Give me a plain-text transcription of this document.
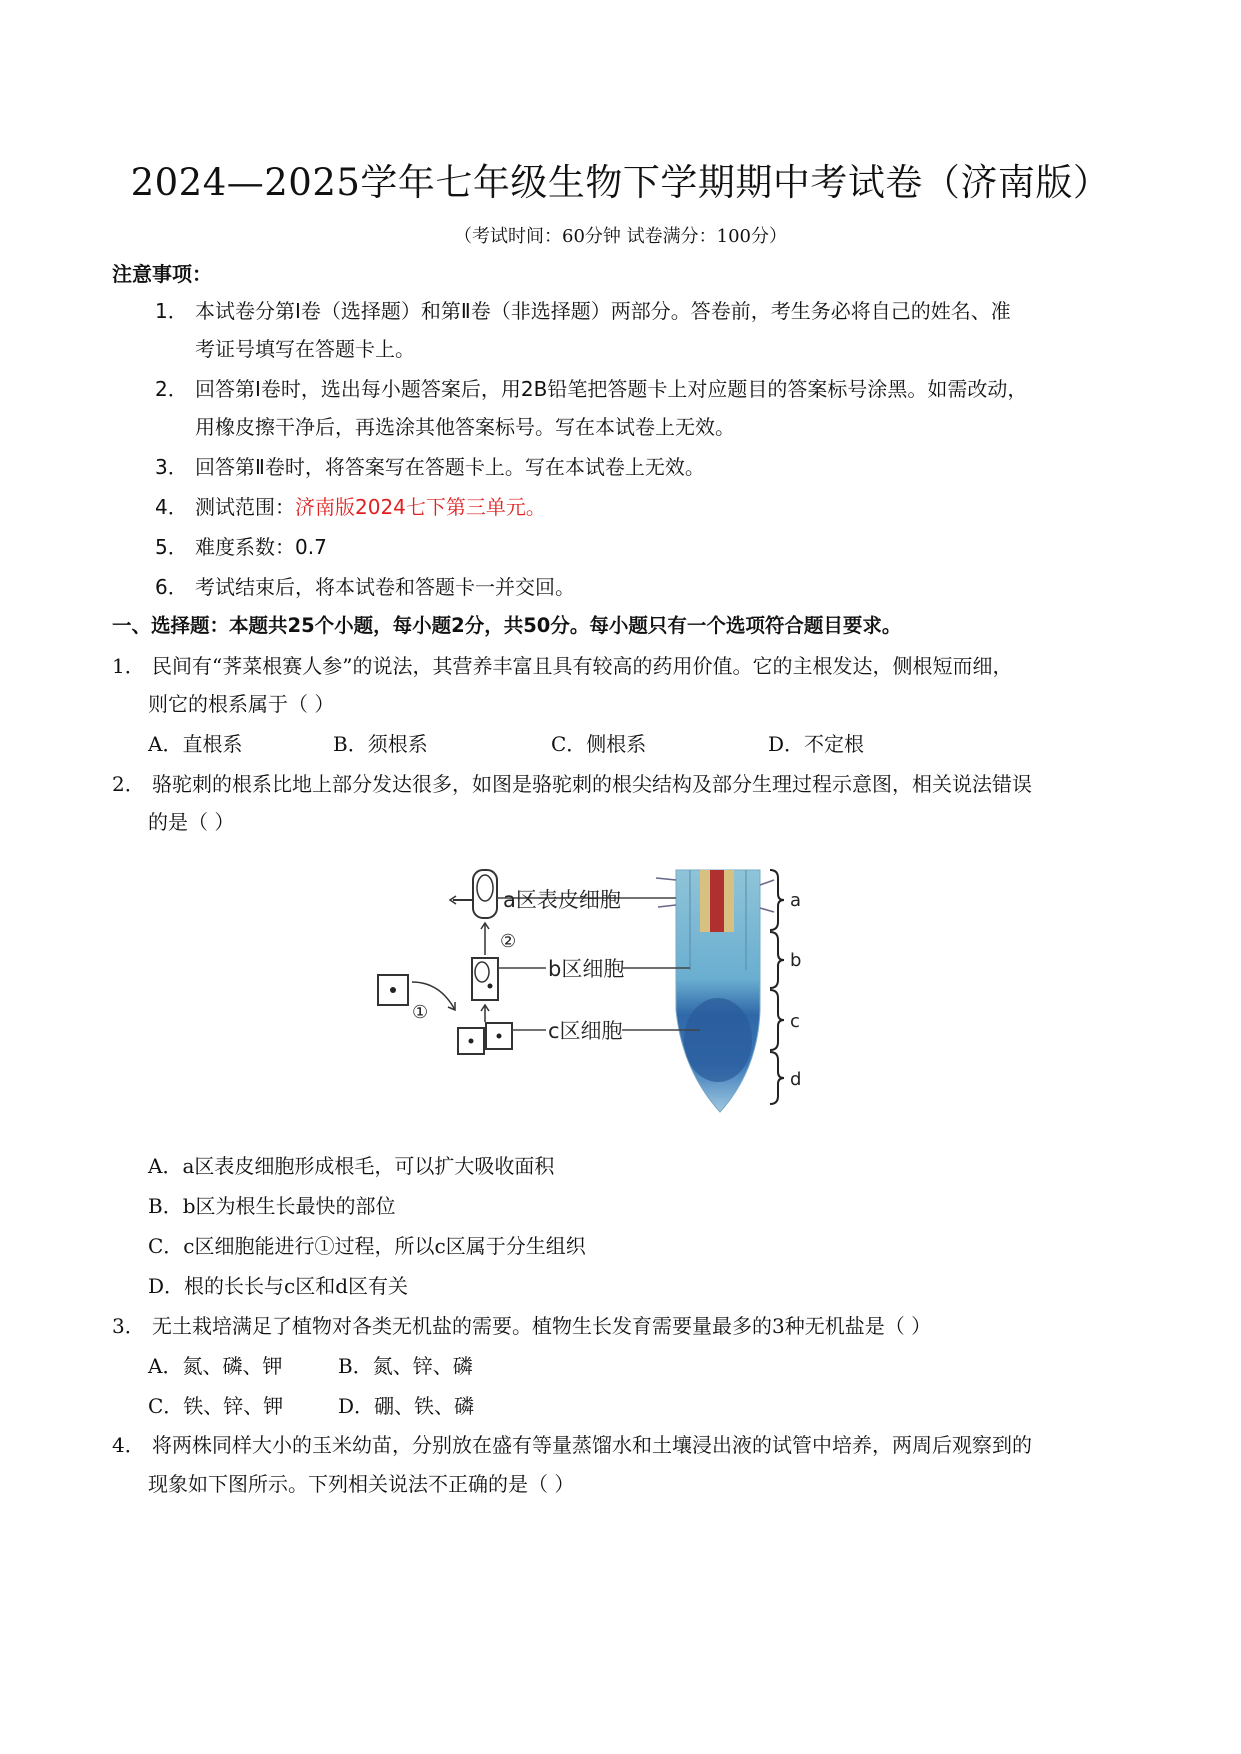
2024—2025学年七年级生物下学期期中考试卷（济南版）
（考试时间：60分钟 试卷满分：100分）
注意事项：
1． 本试卷分第Ⅰ卷（选择题）和第Ⅱ卷（非选择题）两部分。答卷前，考生务必将自己的姓名、准
考证号填写在答题卡上。
2． 回答第Ⅰ卷时，选出每小题答案后，用2B铅笔把答题卡上对应题目的答案标号涂黑。如需改动，
用橡皮擦干净后，再选涂其他答案标号。写在本试卷上无效。
3． 回答第Ⅱ卷时，将答案写在答题卡上。写在本试卷上无效。
4． 测试范围：济南版2024七下第三单元。
5． 难度系数：0.7
6． 考试结束后，将本试卷和答题卡一并交回。
一、选择题：本题共25个小题，每小题2分，共50分。每小题只有一个选项符合题目要求。
1． 民间有“荠菜根赛人参”的说法，其营养丰富且具有较高的药用价值。它的主根发达，侧根短而细，
则它的根系属于（ ）
A．直根系	B．须根系	C．侧根系	D．不定根
2． 骆驼刺的根系比地上部分发达很多，如图是骆驼刺的根尖结构及部分生理过程示意图，相关说法错误
的是（ ）
②
①
a区表皮细胞
b区细胞
c区细胞
a
b
c
d
A．a区表皮细胞形成根毛，可以扩大吸收面积
B．b区为根生长最快的部位
C．c区细胞能进行①过程，所以c区属于分生组织
D．根的长长与c区和d区有关
3． 无土栽培满足了植物对各类无机盐的需要。植物生长发育需要量最多的3种无机盐是（ ）
A．氮、磷、钾	B．氮、锌、磷
C．铁、锌、钾	D．硼、铁、磷
4． 将两株同样大小的玉米幼苗，分别放在盛有等量蒸馏水和土壤浸出液的试管中培养，两周后观察到的
现象如下图所示。下列相关说法不正确的是（ ）
